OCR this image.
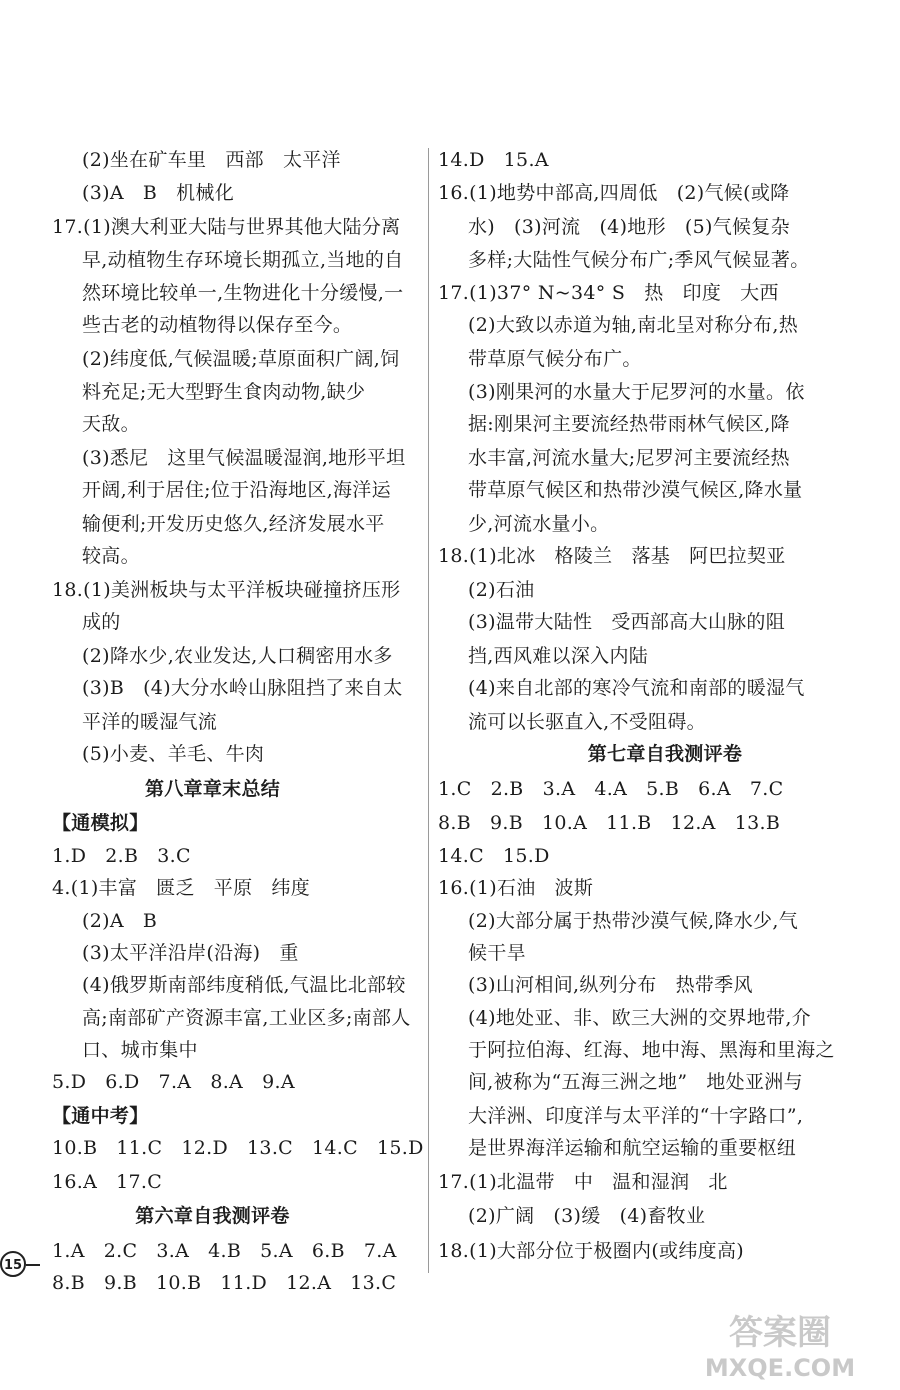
(2)坐在矿车里   西部   太平洋
(3)A   B   机械化
17.(1)澳大利亚大陆与世界其他大陆分离
早,动植物生存环境长期孤立,当地的自
然环境比较单一,生物进化十分缓慢,一
些古老的动植物得以保存至今。
(2)纬度低,气候温暖;草原面积广阔,饲
料充足;无大型野生食肉动物,缺少
天敌。
(3)悉尼   这里气候温暖湿润,地形平坦
开阔,利于居住;位于沿海地区,海洋运
输便利;开发历史悠久,经济发展水平
较高。
18.(1)美洲板块与太平洋板块碰撞挤压形
成的
(2)降水少,农业发达,人口稠密用水多
(3)B   (4)大分水岭山脉阻挡了来自太
平洋的暖湿气流
(5)小麦、羊毛、牛肉
第八章章末总结
【通模拟】
1.D   2.B   3.C
4.(1)丰富   匮乏   平原   纬度
(2)A   B
(3)太平洋沿岸(沿海)   重
(4)俄罗斯南部纬度稍低,气温比北部较
高;南部矿产资源丰富,工业区多;南部人
口、城市集中
5.D   6.D   7.A   8.A   9.A
【通中考】
10.B   11.C   12.D   13.C   14.C   15.D
16.A   17.C
第六章自我测评卷
1.A   2.C   3.A   4.B   5.A   6.B   7.A
8.B   9.B   10.B   11.D   12.A   13.C
14.D   15.A
16.(1)地势中部高,四周低   (2)气候(或降
水)   (3)河流   (4)地形   (5)气候复杂
多样;大陆性气候分布广;季风气候显著。
17.(1)37° N~34° S   热   印度   大西
(2)大致以赤道为轴,南北呈对称分布,热
带草原气候分布广。
(3)刚果河的水量大于尼罗河的水量。依
据:刚果河主要流经热带雨林气候区,降
水丰富,河流水量大;尼罗河主要流经热
带草原气候区和热带沙漠气候区,降水量
少,河流水量小。
18.(1)北冰   格陵兰   落基   阿巴拉契亚
(2)石油
(3)温带大陆性   受西部高大山脉的阻
挡,西风难以深入内陆
(4)来自北部的寒冷气流和南部的暖湿气
流可以长驱直入,不受阻碍。
第七章自我测评卷
1.C   2.B   3.A   4.A   5.B   6.A   7.C
8.B   9.B   10.A   11.B   12.A   13.B
14.C   15.D
16.(1)石油   波斯
(2)大部分属于热带沙漠气候,降水少,气
候干旱
(3)山河相间,纵列分布   热带季风
(4)地处亚、非、欧三大洲的交界地带,介
于阿拉伯海、红海、地中海、黑海和里海之
间,被称为“五海三洲之地”   地处亚洲与
大洋洲、印度洋与太平洋的“十字路口”,
是世界海洋运输和航空运输的重要枢纽
17.(1)北温带   中   温和湿润   北
(2)广阔   (3)缓   (4)畜牧业
18.(1)大部分位于极圈内(或纬度高)
15
答案圈
MXQE.COM
